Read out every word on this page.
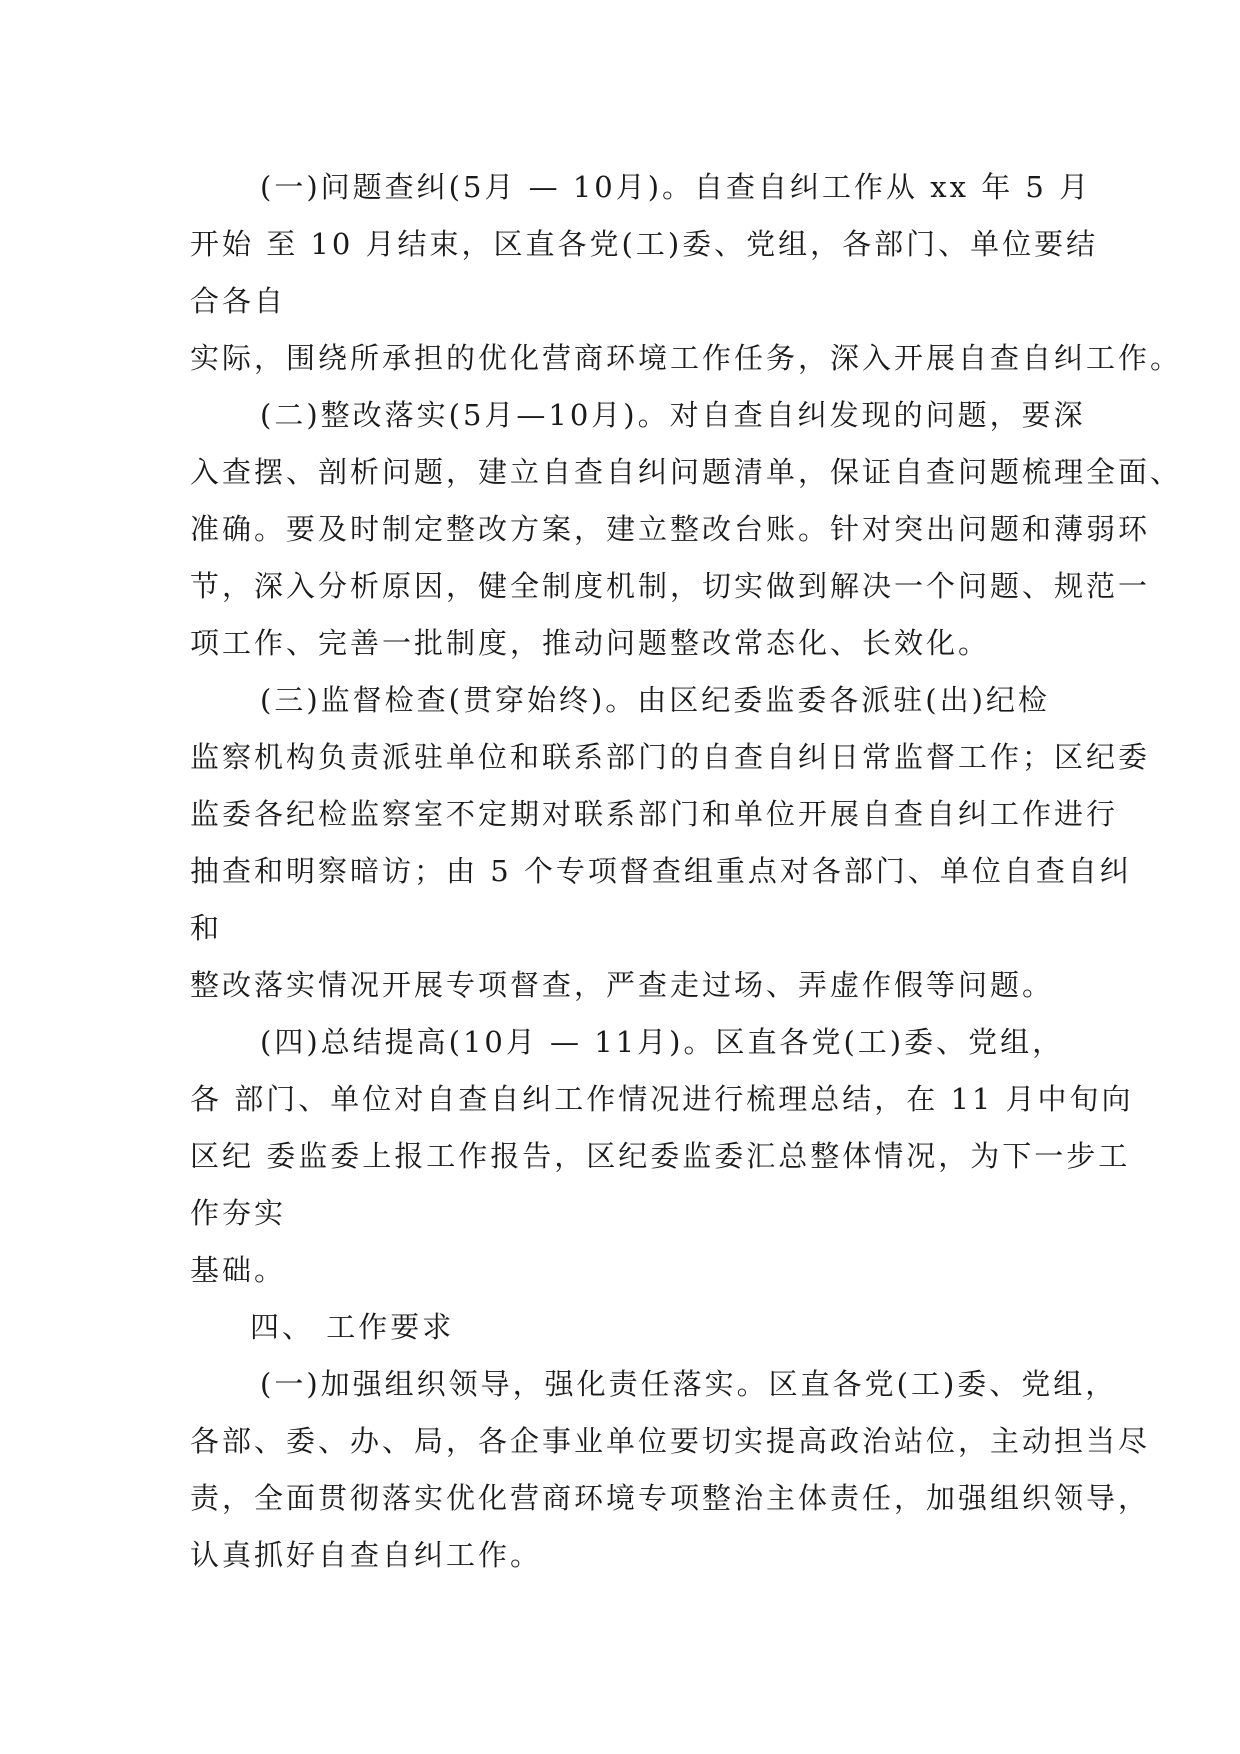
(一)问题查纠(5月 — 10月)。自查自纠工作从 xx 年 5 月
开始 至 10 月结束，区直各党(工)委、党组，各部门、单位要结
合各自
实际，围绕所承担的优化营商环境工作任务，深入开展自查自纠工作。
(二)整改落实(5月—10月)。对自查自纠发现的问题，要深
入查摆、剖析问题，建立自查自纠问题清单，保证自查问题梳理全面、
准确。要及时制定整改方案，建立整改台账。针对突出问题和薄弱环
节，深入分析原因，健全制度机制，切实做到解决一个问题、规范一
项工作、完善一批制度，推动问题整改常态化、长效化。
(三)监督检查(贯穿始终)。由区纪委监委各派驻(出)纪检
监察机构负责派驻单位和联系部门的自查自纠日常监督工作；区纪委
监委各纪检监察室不定期对联系部门和单位开展自查自纠工作进行
抽查和明察暗访；由 5 个专项督查组重点对各部门、单位自查自纠
和
整改落实情况开展专项督查，严查走过场、弄虚作假等问题。
(四)总结提高(10月 — 11月)。区直各党(工)委、党组，
各 部门、单位对自查自纠工作情况进行梳理总结，在 11 月中旬向
区纪 委监委上报工作报告，区纪委监委汇总整体情况，为下一步工
作夯实
基础。
四、 工作要求
(一)加强组织领导，强化责任落实。区直各党(工)委、党组，
各部、委、办、局，各企事业单位要切实提高政治站位，主动担当尽
责，全面贯彻落实优化营商环境专项整治主体责任，加强组织领导，
认真抓好自查自纠工作。
